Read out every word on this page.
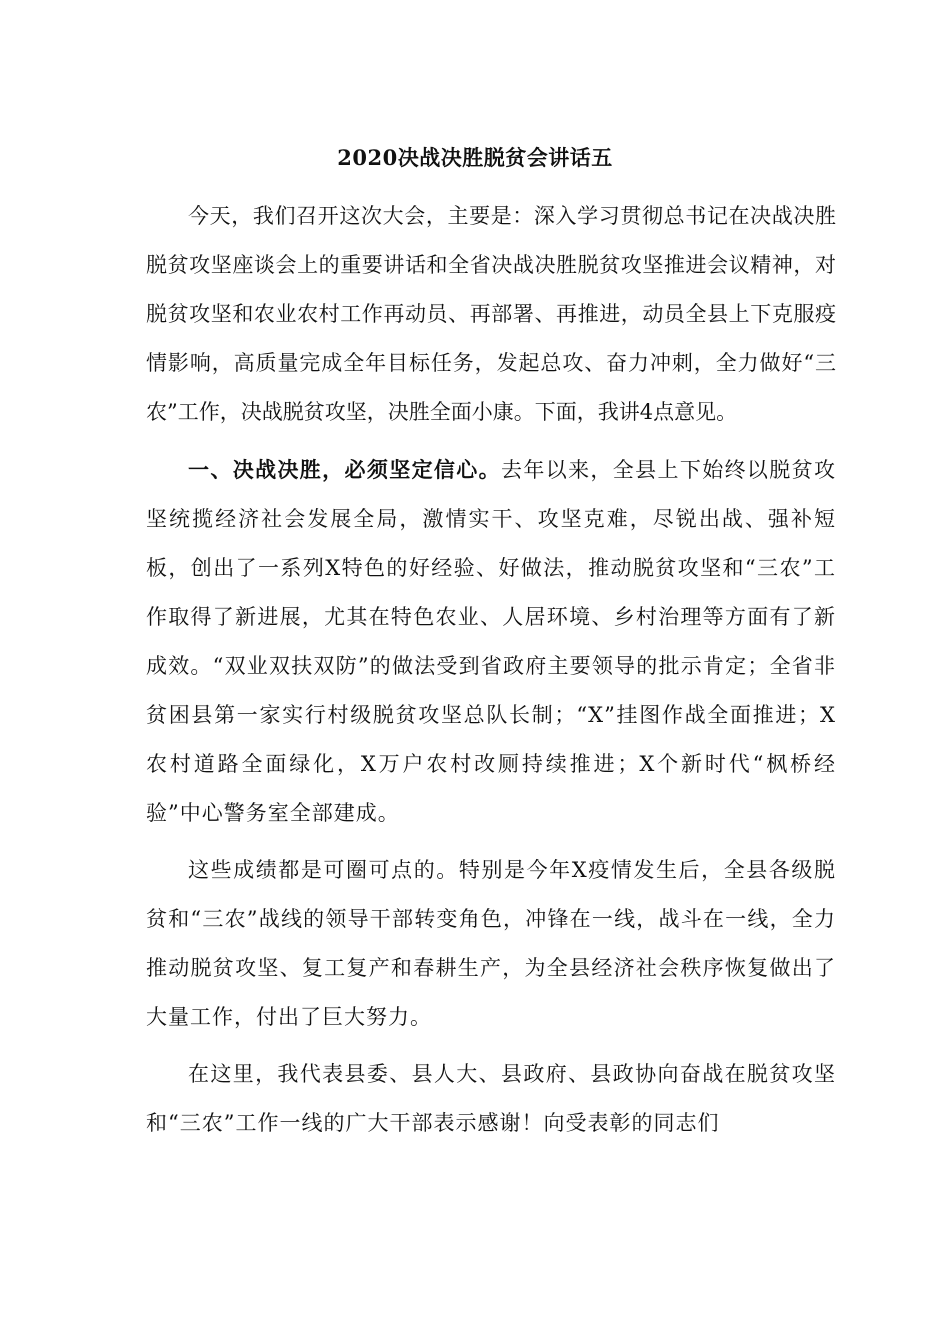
2020决战决胜脱贫会讲话五

今天，我们召开这次大会，主要是：深入学习贯彻总书记在决战决胜脱贫攻坚座谈会上的重要讲话和全省决战决胜脱贫攻坚推进会议精神，对脱贫攻坚和农业农村工作再动员、再部署、再推进，动员全县上下克服疫情影响，高质量完成全年目标任务，发起总攻、奋力冲刺，全力做好“三农”工作，决战脱贫攻坚，决胜全面小康。下面，我讲4点意见。

一、决战决胜，必须坚定信心。去年以来，全县上下始终以脱贫攻坚统揽经济社会发展全局，激情实干、攻坚克难，尽锐出战、强补短板，创出了一系列X特色的好经验、好做法，推动脱贫攻坚和“三农”工作取得了新进展，尤其在特色农业、人居环境、乡村治理等方面有了新成效。“双业双扶双防”的做法受到省政府主要领导的批示肯定；全省非贫困县第一家实行村级脱贫攻坚总队长制；“X”挂图作战全面推进；X农村道路全面绿化，X万户农村改厕持续推进；X个新时代“枫桥经验”中心警务室全部建成。

这些成绩都是可圈可点的。特别是今年X疫情发生后，全县各级脱贫和“三农”战线的领导干部转变角色，冲锋在一线，战斗在一线，全力推动脱贫攻坚、复工复产和春耕生产，为全县经济社会秩序恢复做出了大量工作，付出了巨大努力。

在这里，我代表县委、县人大、县政府、县政协向奋战在脱贫攻坚和“三农”工作一线的广大干部表示感谢！向受表彰的同志们
